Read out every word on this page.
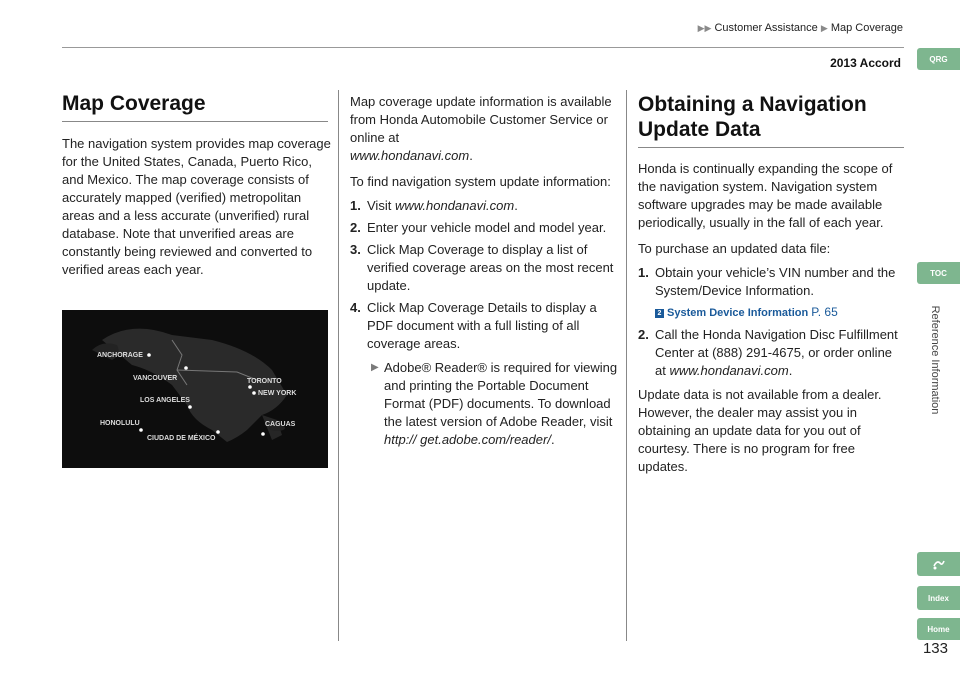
▶▶ Customer Assistance ▶ Map Coverage
2013 Accord
Map Coverage

The navigation system provides map coverage for the United States, Canada, Puerto Rico, and Mexico. The map coverage consists of accurately mapped (verified) metropolitan areas and a less accurate (unverified) rural database. Note that unverified areas are constantly being reviewed and converted to verified areas each year.

ANCHORAGE
VANCOUVER	TORONTO
NEW YORK
LOS ANGELES
HONOLULU
CIUDAD DE MÉXICO
CAGUAS

Map coverage update information is available from Honda Automobile Customer Service or online at
www.hondanavi.com.

To find navigation system update information:

1. Visit www.hondanavi.com.
2. Enter your vehicle model and model year.
3. Click Map Coverage to display a list of verified coverage areas on the most recent update.
4. Click Map Coverage Details to display a PDF document with a full listing of all coverage areas.
▶ Adobe® Reader® is required for viewing and printing the Portable Document Format (PDF) documents. To download the latest version of Adobe Reader, visit http:// get.adobe.com/reader/.
Obtaining a Navigation Update Data

Honda is continually expanding the scope of the navigation system. Navigation system software upgrades may be made available periodically, usually in the fall of each year.

To purchase an updated data file:

1. Obtain your vehicle’s VIN number and the System/Device Information.
2 System Device Information P. 65
2. Call the Honda Navigation Disc Fulfillment Center at (888) 291-4675, or order online at www.hondanavi.com.

Update data is not available from a dealer. However, the dealer may assist you in obtaining an update data for you out of courtesy. There is no program for free updates.

QRG
TOC
Reference Information
Index
Home
133
